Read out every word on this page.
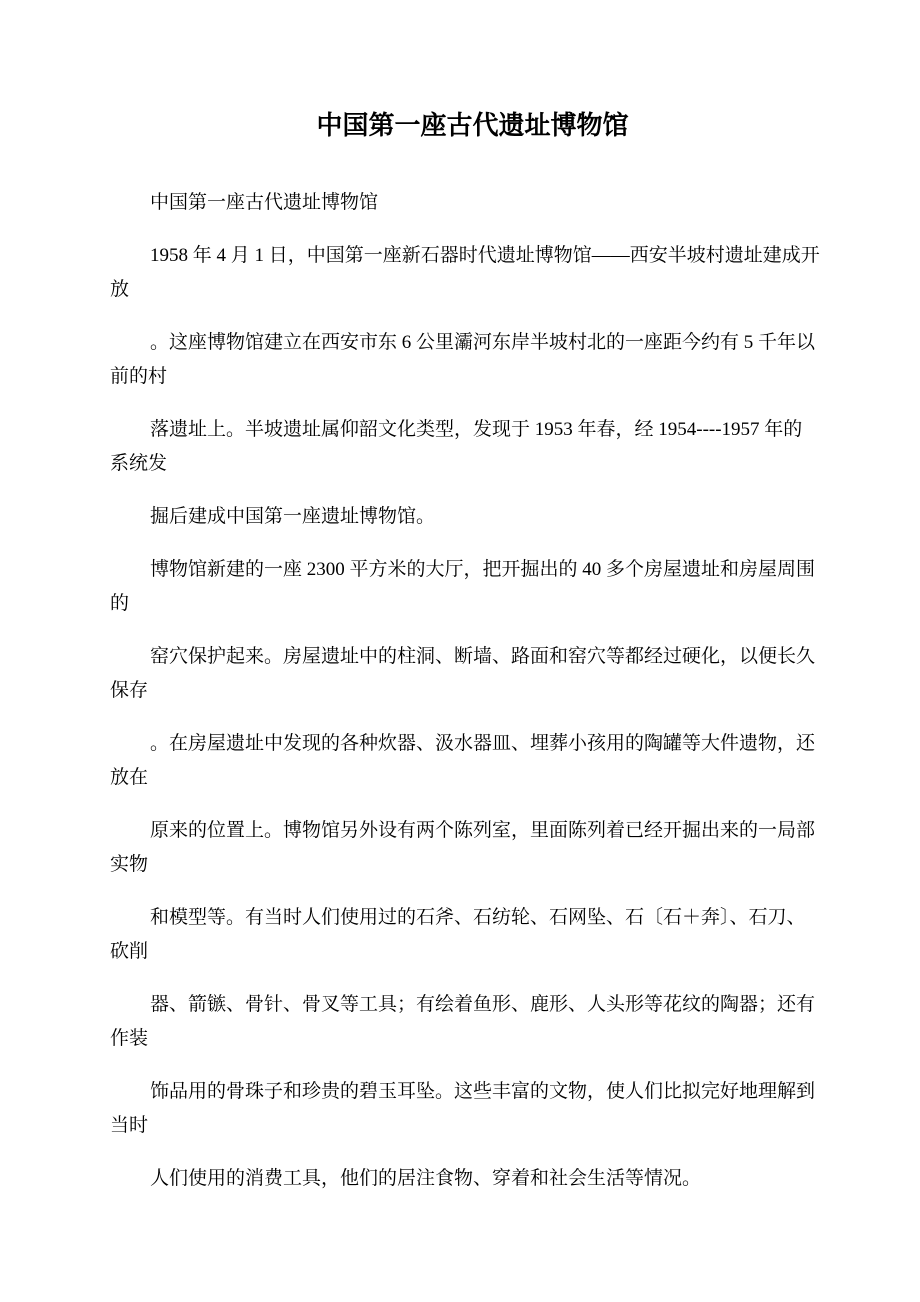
中国第一座古代遗址博物馆
中国第一座古代遗址博物馆
1958 年 4 月 1 日，中国第一座新石器时代遗址博物馆——西安半坡村遗址建成开
放
。这座博物馆建立在西安市东 6 公里灞河东岸半坡村北的一座距今约有 5 千年以
前的村
落遗址上。半坡遗址属仰韶文化类型，发现于 1953 年春，经 1954----1957 年的
系统发
掘后建成中国第一座遗址博物馆。
博物馆新建的一座 2300 平方米的大厅，把开掘出的 40 多个房屋遗址和房屋周围
的
窑穴保护起来。房屋遗址中的柱洞、断墙、路面和窑穴等都经过硬化，以便长久
保存
。在房屋遗址中发现的各种炊器、汲水器皿、埋葬小孩用的陶罐等大件遗物，还
放在
原来的位置上。博物馆另外设有两个陈列室，里面陈列着已经开掘出来的一局部
实物
和模型等。有当时人们使用过的石斧、石纺轮、石网坠、石〔石＋奔〕、石刀、
砍削
器、箭镞、骨针、骨叉等工具；有绘着鱼形、鹿形、人头形等花纹的陶器；还有
作装
饰品用的骨珠子和珍贵的碧玉耳坠。这些丰富的文物，使人们比拟完好地理解到
当时
人们使用的消费工具，他们的居注食物、穿着和社会生活等情况。
